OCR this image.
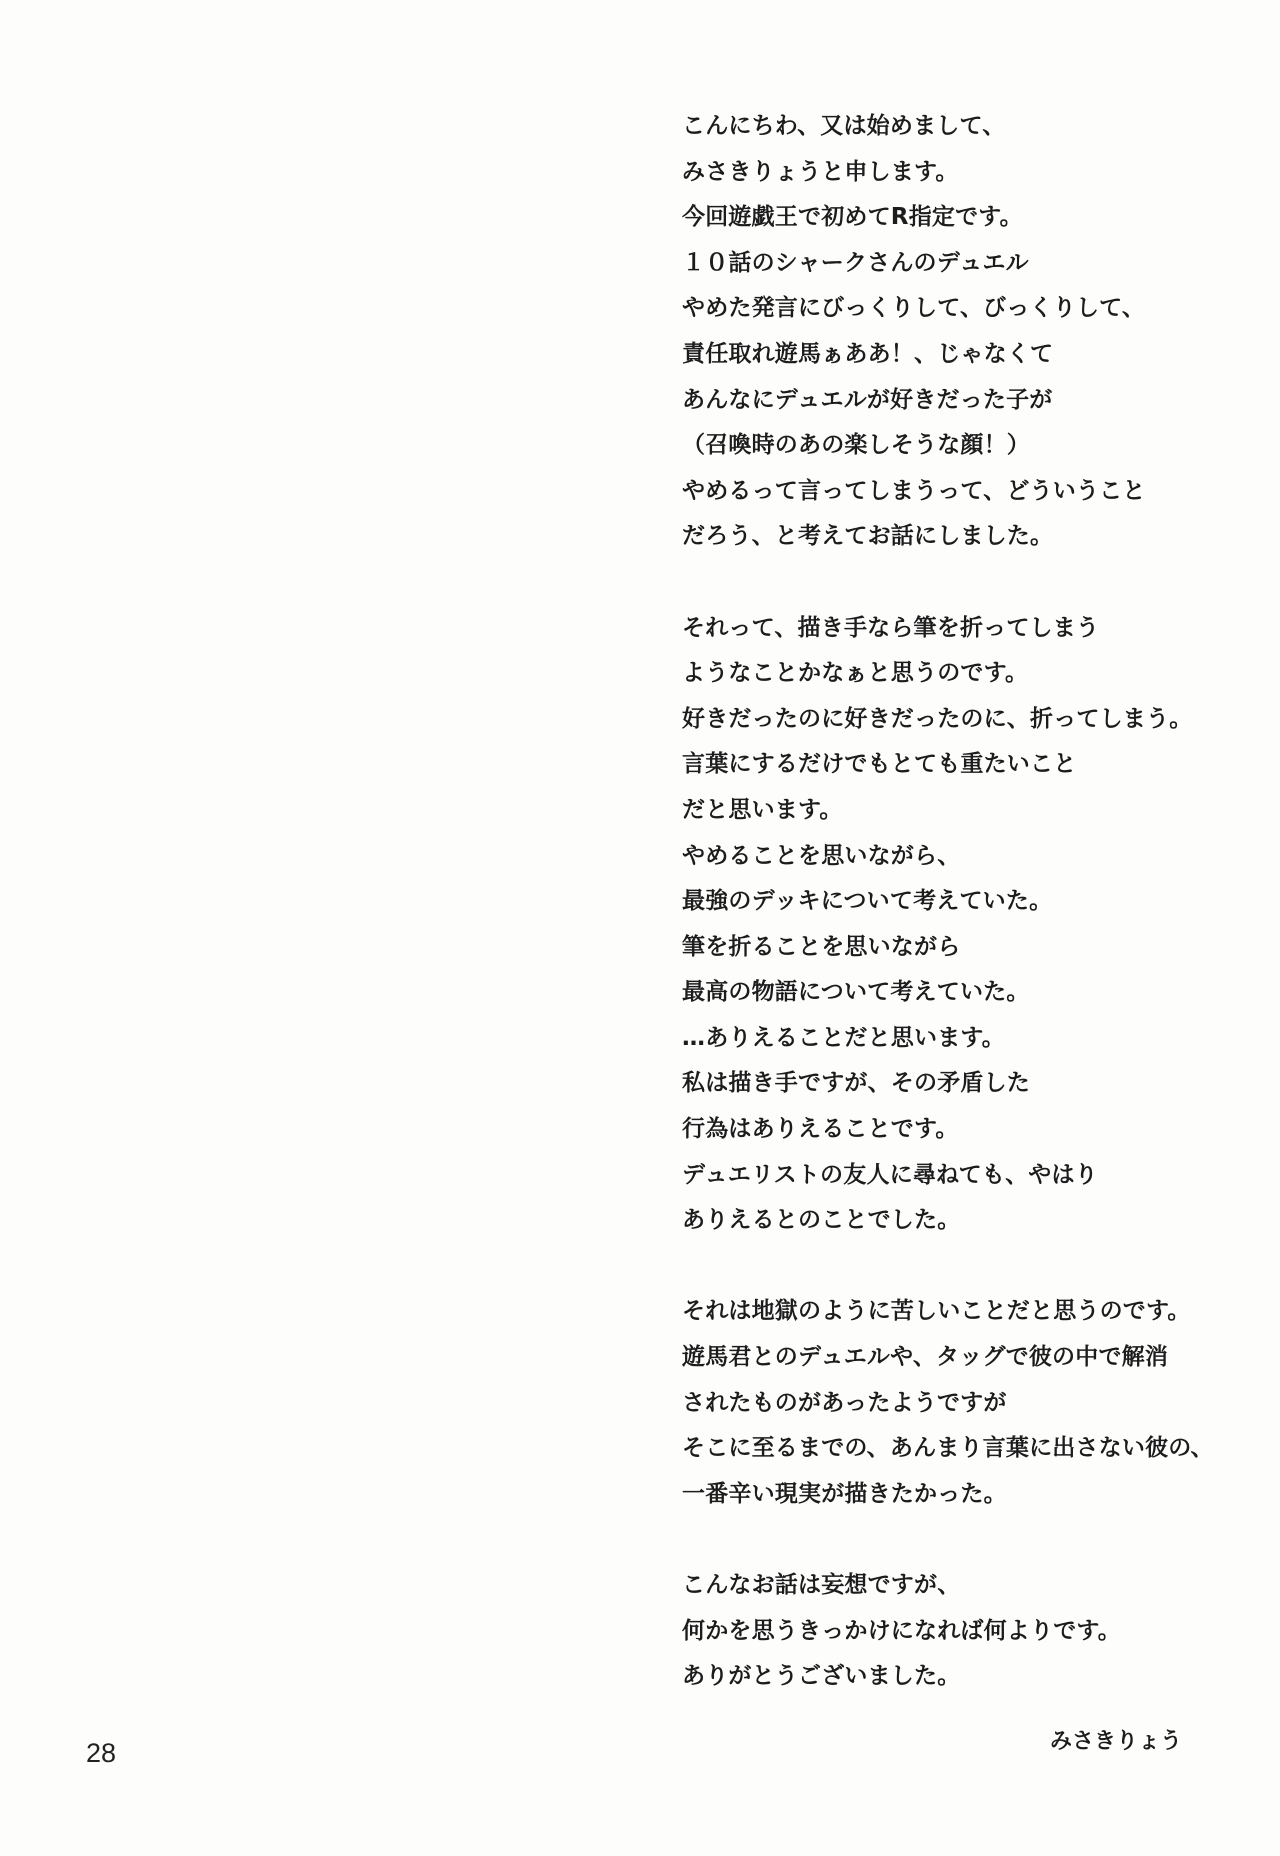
こんにちわ、又は始めまして、
みさきりょうと申します。
今回遊戯王で初めてR指定です。
１０話のシャークさんのデュエル
やめた発言にびっくりして、びっくりして、
責任取れ遊馬ぁああ！、じゃなくて
あんなにデュエルが好きだった子が
（召喚時のあの楽しそうな顔！）
やめるって言ってしまうって、どういうこと
だろう、と考えてお話にしました。
それって、描き手なら筆を折ってしまう
ようなことかなぁと思うのです。
好きだったのに好きだったのに、折ってしまう。
言葉にするだけでもとても重たいこと
だと思います。
やめることを思いながら、
最強のデッキについて考えていた。
筆を折ることを思いながら
最高の物語について考えていた。
…ありえることだと思います。
私は描き手ですが、その矛盾した
行為はありえることです。
デュエリストの友人に尋ねても、やはり
ありえるとのことでした。
それは地獄のように苦しいことだと思うのです。
遊馬君とのデュエルや、タッグで彼の中で解消
されたものがあったようですが
そこに至るまでの、あんまり言葉に出さない彼の、
一番辛い現実が描きたかった。
こんなお話は妄想ですが、
何かを思うきっかけになれば何よりです。
ありがとうございました。
みさきりょう
28
